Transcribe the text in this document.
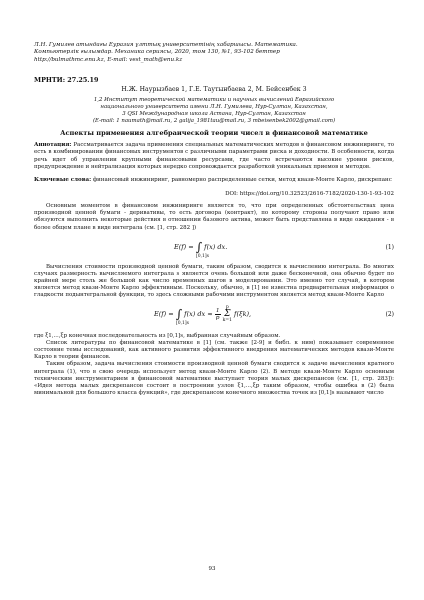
Л.Н. Гумилев атындағы Еуразия ұлттық университетінің хабаршысы. Математика.
Компьютерлік ғылымдар. Механика сериясы, 2020, том 130, №1, 93-102 беттер
http://bulmathmc.enu.kz, E-mail: vest_math@enu.kz
МРНТИ: 27.25.19
Н.Ж. Наурызбаев 1, Г.Е. Таутынбаева 2, М. Бейсенбек 3
1,2 Институт теоретической математики и научных вычислений Евразийского
национального университета имени Л.Н. Гумилева, Нур-Султан, Казахстан,
3 QSI Международная школа Астана, Нур-Султан, Казахстан
(E-mail: 1 naumath@mail.ru, 2 galija_1981tau@mail.ru, 3 mbeisenbek2002@gmail.com)
Аспекты применения алгебраической теории чисел в финансовой математике
Аннотация: Рассматривается задача применения специальных математических методов в финансовом инжиниринге, то есть в комбинировании финансовых инструментов с различными параметрами риска и доходности. В особенности, когда речь идет об управлении крупными финансовыми ресурсами, где часто встречаются высокие уровни рисков, предупреждение и нейтрализация которых нередко сопровождается разработкой уникальных приемов и методов.
Ключевые слова: финансовый инжиниринг, равномерно распределенные сетки, метод квази-Монте Карло, дискрепанс
DOI: https://doi.org/10.32523/2616-7182/2020-130-1-93-102

Основным моментом в финансовом инжиниринге является то, что при определенных обстоятельствах цена производной ценной бумаги - деривативы, то есть договора (контракт), по которому стороны получают право или обязуются выполнить некоторые действия в отношении базового актива, может быть представлена в виде ожидания - в более общем плане в виде интеграла (см. [1, стр. 282 ])

E(f) = ∫ f(x) dx.
[0,1]s
(1)

Вычисления стоимости производной ценной бумаги, таким образом, сводится к вычислению интеграла. Во многих случаях размерность вычисляемого интеграла s является очень большой или даже бесконечной, она обычно будет по крайней мере столь же большой как число временных шагов в моделировании. Это именно тот случай, в котором является метод квази-Монте Карло эффективным. Поскольку, обычно, в [1] не известна предварительная информация о гладкости подынтегральной функции, то здесь сложными рабочими инструментом является метод квази-Монте Карло

E(f) = ∫ f(x) dx ≈ $\frac{1}{p}$
	p
Σ
k=1
f(ξk),
[0,1]s
(2)

где ξ1,...,ξp конечная последовательность из [0,1]s, выбранная случайным образом.

Список литературы по финансовой математике в [1] (см. также [2-9] и библ. к ним) показывает современное состояние темы исследований, как активного развития эффективного внедрения математических методов квази-Монте Карло в теории финансов.

Таким образом, задача вычисления стоимости производной ценной бумаги сводится к задаче вычисления кратного интеграла (1), что в свою очередь использует метод квази-Монте Карло (2). В методе квази-Монте Карло основным техническим инструментарием в финансовой математике выступает теория малых дискрепансов (см. [1, стр. 283]): «Идея метода малых дискрепансов состоит в построении узлов ξ1,...,ξp таким образом, чтобы ошибка в (2) была минимальной для большого класса функций», где дискрепансом конечного множества точек из [0,1]s называют число

93
